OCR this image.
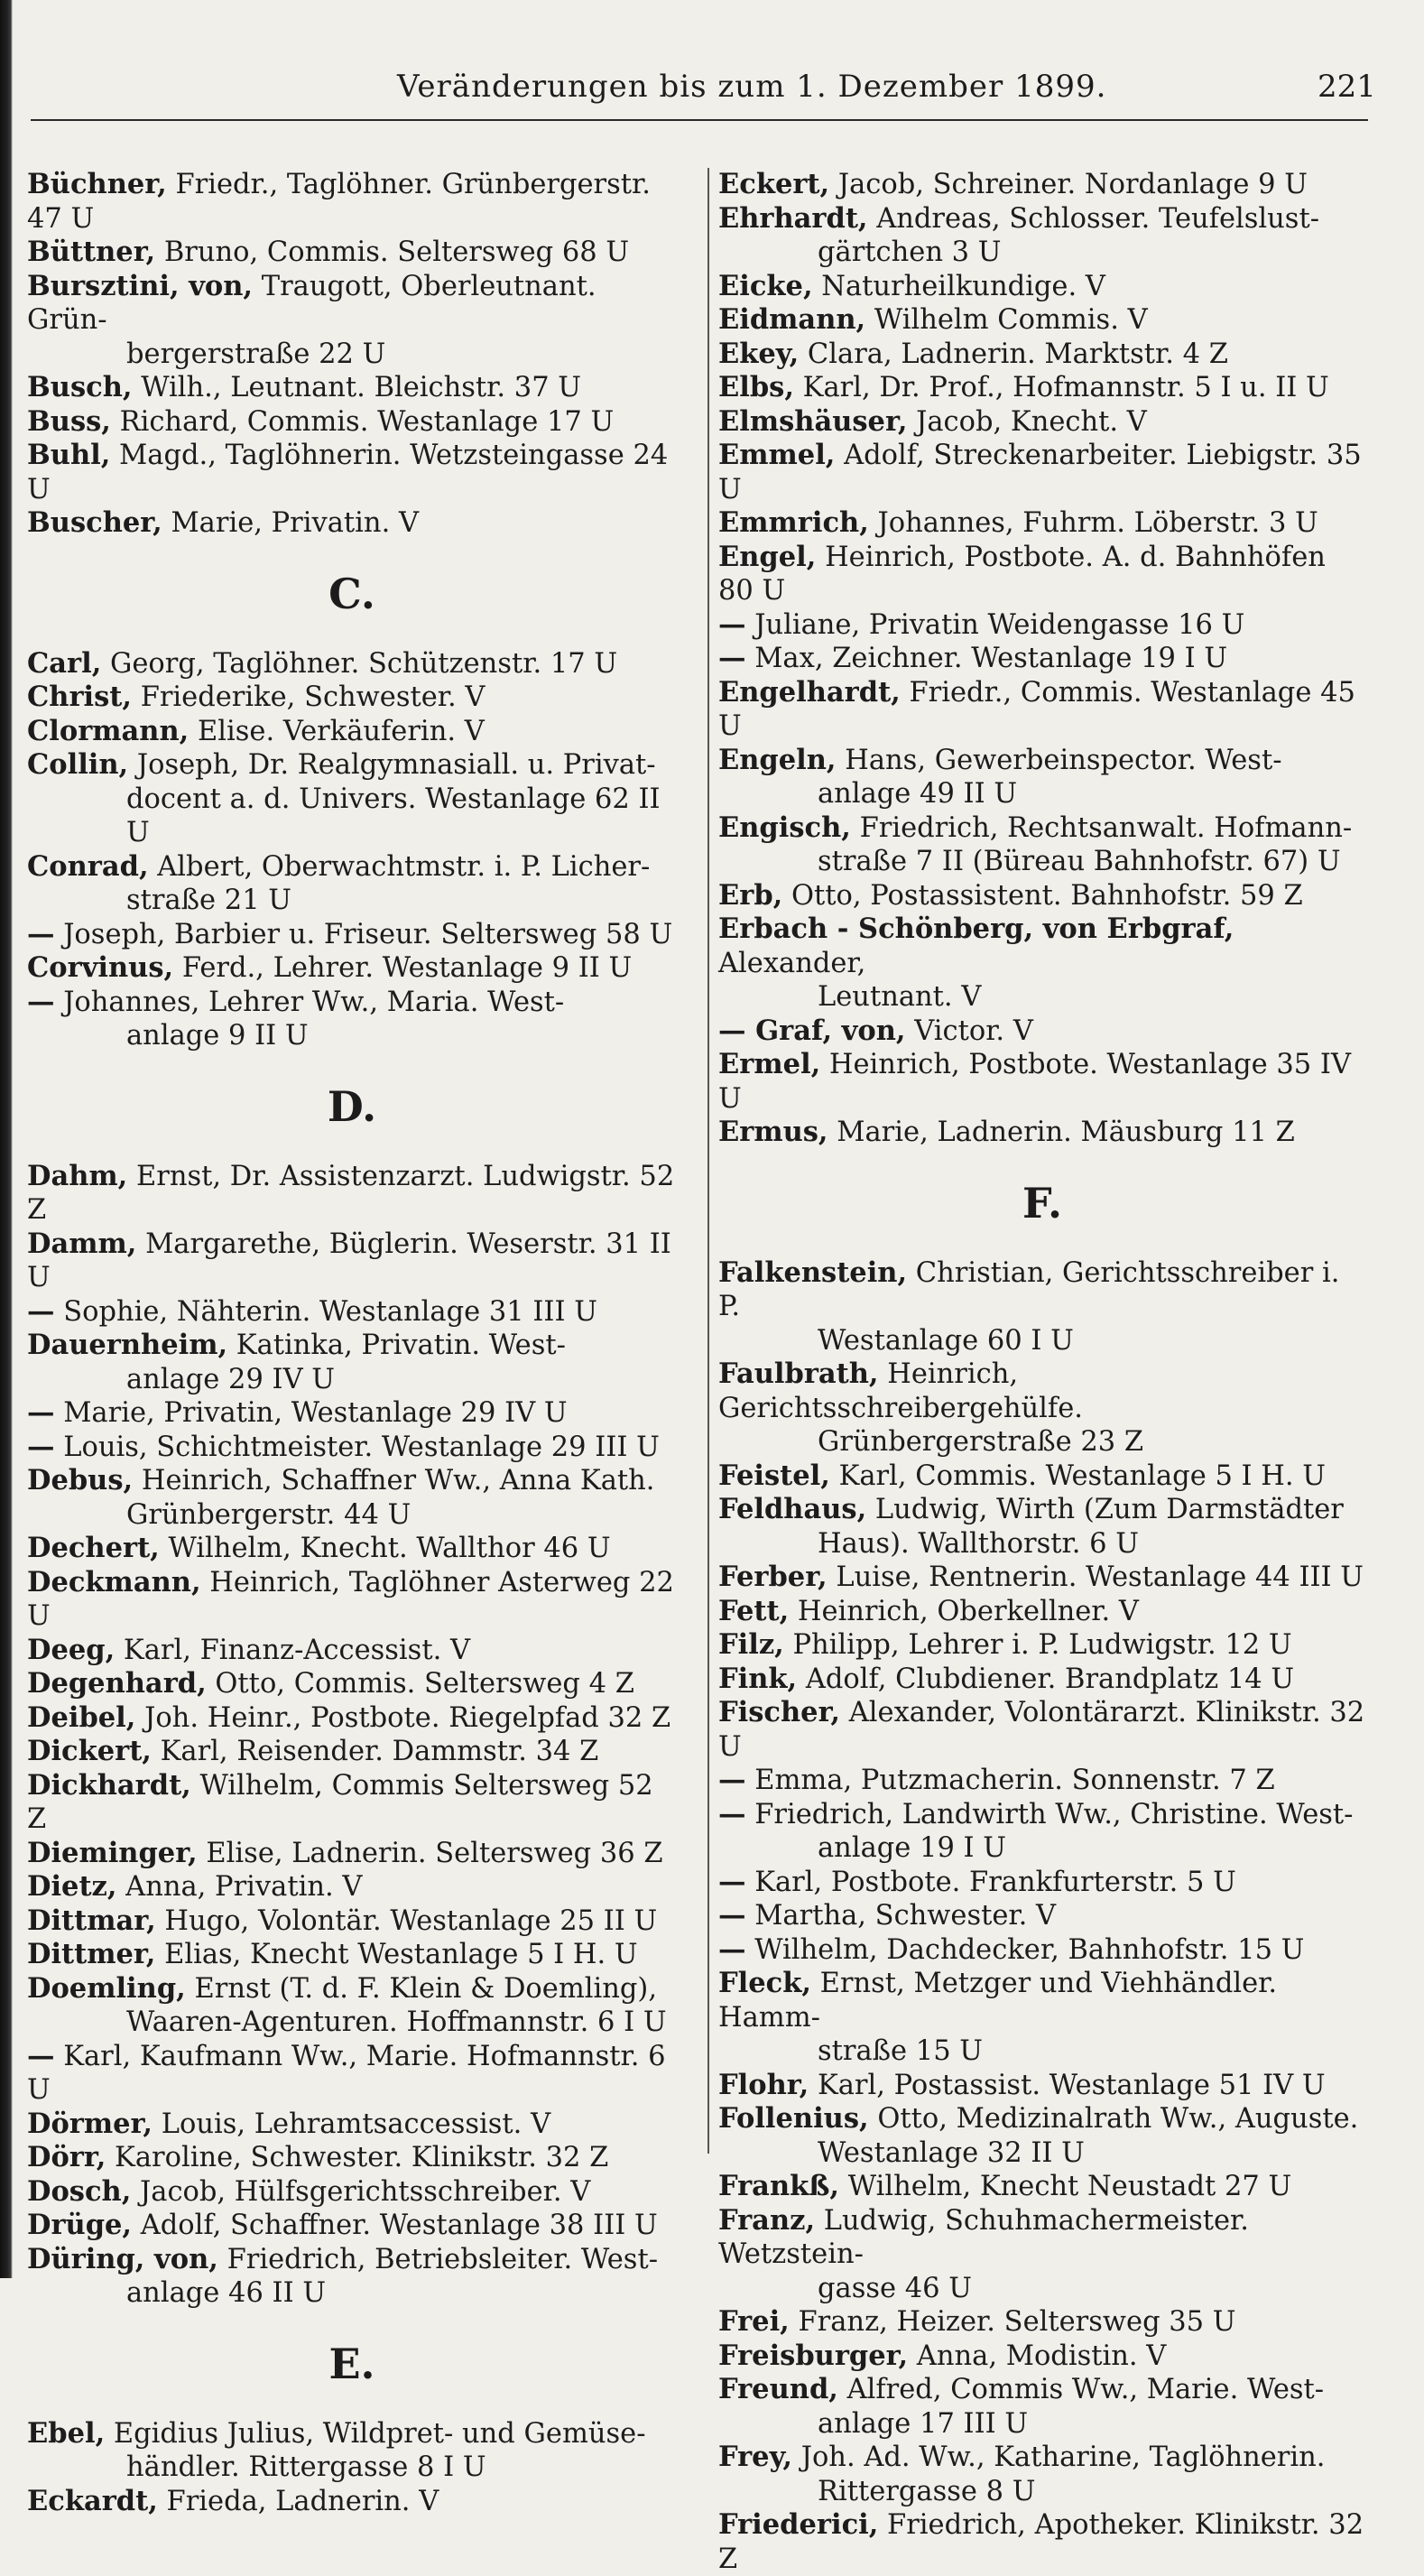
Veränderungen bis zum 1. Dezember 1899.	221

Büchner, Friedr., Taglöhner. Grünbergerstr. 47 U

Büttner, Bruno, Commis. Seltersweg 68 U

Bursztini, von, Traugott, Oberleutnant. Grün-
bergerstraße 22 U

Busch, Wilh., Leutnant. Bleichstr. 37 U

Buss, Richard, Commis. Westanlage 17 U

Buhl, Magd., Taglöhnerin. Wetzsteingasse 24 U

Buscher, Marie, Privatin. V

C.

Carl, Georg, Taglöhner. Schützenstr. 17 U

Christ, Friederike, Schwester. V

Clormann, Elise. Verkäuferin. V

Collin, Joseph, Dr. Realgymnasiall. u. Privat-
docent a. d. Univers. Westanlage 62 II U

Conrad, Albert, Oberwachtmstr. i. P. Licher-
straße 21 U

— Joseph, Barbier u. Friseur. Seltersweg 58 U

Corvinus, Ferd., Lehrer. Westanlage 9 II U

— Johannes, Lehrer Ww., Maria. West-
anlage 9 II U

D.

Dahm, Ernst, Dr. Assistenzarzt. Ludwigstr. 52 Z

Damm, Margarethe, Büglerin. Weserstr. 31 II U

— Sophie, Nähterin. Westanlage 31 III U

Dauernheim, Katinka, Privatin. West-
anlage 29 IV U

— Marie, Privatin, Westanlage 29 IV U

— Louis, Schichtmeister. Westanlage 29 III U

Debus, Heinrich, Schaffner Ww., Anna Kath.
Grünbergerstr. 44 U

Dechert, Wilhelm, Knecht. Wallthor 46 U

Deckmann, Heinrich, Taglöhner Asterweg 22 U

Deeg, Karl, Finanz-Accessist. V

Degenhard, Otto, Commis. Seltersweg 4 Z

Deibel, Joh. Heinr., Postbote. Riegelpfad 32 Z

Dickert, Karl, Reisender. Dammstr. 34 Z

Dickhardt, Wilhelm, Commis Seltersweg 52 Z

Dieminger, Elise, Ladnerin. Seltersweg 36 Z

Dietz, Anna, Privatin. V

Dittmar, Hugo, Volontär. Westanlage 25 II U

Dittmer, Elias, Knecht Westanlage 5 I H. U

Doemling, Ernst (T. d. F. Klein & Doemling),
Waaren-Agenturen. Hoffmannstr. 6 I U

— Karl, Kaufmann Ww., Marie. Hofmannstr. 6 U

Dörmer, Louis, Lehramtsaccessist. V

Dörr, Karoline, Schwester. Klinikstr. 32 Z

Dosch, Jacob, Hülfsgerichtsschreiber. V

Drüge, Adolf, Schaffner. Westanlage 38 III U

Düring, von, Friedrich, Betriebsleiter. West-
anlage 46 II U

E.

Ebel, Egidius Julius, Wildpret- und Gemüse-
händler. Rittergasse 8 I U

Eckardt, Frieda, Ladnerin. V

Eckert, Jacob, Schreiner. Nordanlage 9 U

Ehrhardt, Andreas, Schlosser. Teufelslust-
gärtchen 3 U

Eicke, Naturheilkundige. V

Eidmann, Wilhelm Commis. V

Ekey, Clara, Ladnerin. Marktstr. 4 Z

Elbs, Karl, Dr. Prof., Hofmannstr. 5 I u. II U

Elmshäuser, Jacob, Knecht. V

Emmel, Adolf, Streckenarbeiter. Liebigstr. 35 U

Emmrich, Johannes, Fuhrm. Löberstr. 3 U

Engel, Heinrich, Postbote. A. d. Bahnhöfen 80 U

— Juliane, Privatin Weidengasse 16 U

— Max, Zeichner. Westanlage 19 I U

Engelhardt, Friedr., Commis. Westanlage 45 U

Engeln, Hans, Gewerbeinspector. West-
anlage 49 II U

Engisch, Friedrich, Rechtsanwalt. Hofmann-
straße 7 II (Büreau Bahnhofstr. 67) U

Erb, Otto, Postassistent. Bahnhofstr. 59 Z

Erbach - Schönberg, von Erbgraf, Alexander,
Leutnant. V

— Graf, von, Victor. V

Ermel, Heinrich, Postbote. Westanlage 35 IV U

Ermus, Marie, Ladnerin. Mäusburg 11 Z

F.

Falkenstein, Christian, Gerichtsschreiber i. P.
Westanlage 60 I U

Faulbrath, Heinrich, Gerichtsschreibergehülfe.
Grünbergerstraße 23 Z

Feistel, Karl, Commis. Westanlage 5 I H. U

Feldhaus, Ludwig, Wirth (Zum Darmstädter
Haus). Wallthorstr. 6 U

Ferber, Luise, Rentnerin. Westanlage 44 III U

Fett, Heinrich, Oberkellner. V

Filz, Philipp, Lehrer i. P. Ludwigstr. 12 U

Fink, Adolf, Clubdiener. Brandplatz 14 U

Fischer, Alexander, Volontärarzt. Klinikstr. 32 U

— Emma, Putzmacherin. Sonnenstr. 7 Z

— Friedrich, Landwirth Ww., Christine. West-
anlage 19 I U

— Karl, Postbote. Frankfurterstr. 5 U

— Martha, Schwester. V

— Wilhelm, Dachdecker, Bahnhofstr. 15 U

Fleck, Ernst, Metzger und Viehhändler. Hamm-
straße 15 U

Flohr, Karl, Postassist. Westanlage 51 IV U

Follenius, Otto, Medizinalrath Ww., Auguste.
Westanlage 32 II U

Frankß, Wilhelm, Knecht Neustadt 27 U

Franz, Ludwig, Schuhmachermeister. Wetzstein-
gasse 46 U

Frei, Franz, Heizer. Seltersweg 35 U

Freisburger, Anna, Modistin. V

Freund, Alfred, Commis Ww., Marie. West-
anlage 17 III U

Frey, Joh. Ad. Ww., Katharine, Taglöhnerin.
Rittergasse 8 U

Friederici, Friedrich, Apotheker. Klinikstr. 32 Z
